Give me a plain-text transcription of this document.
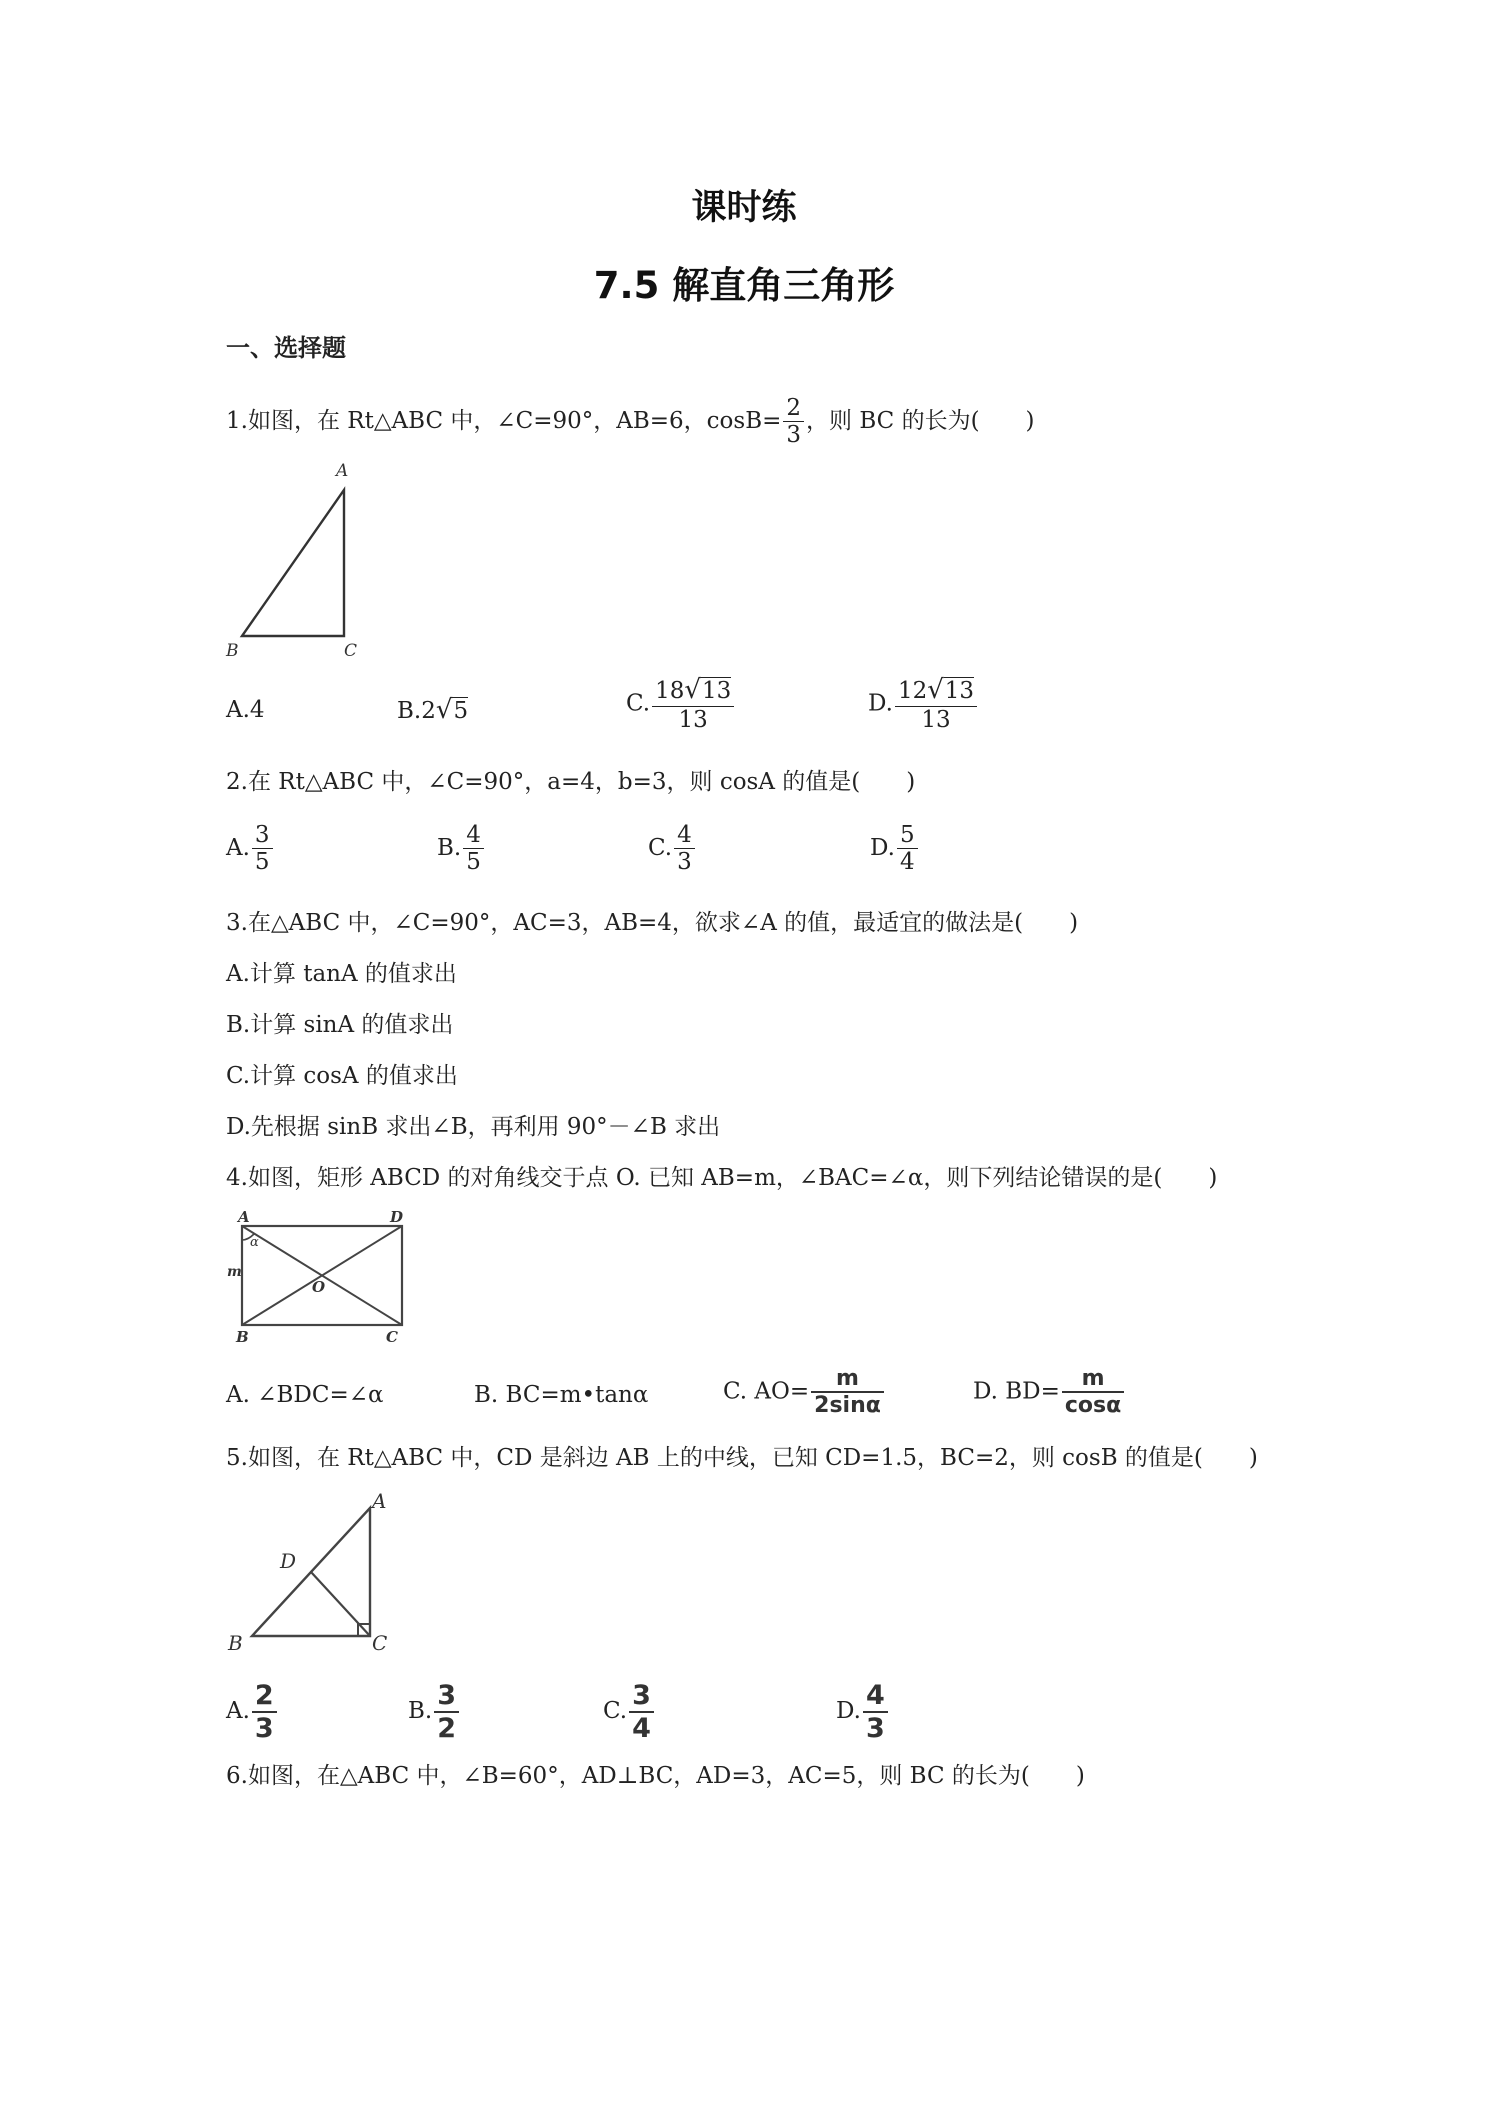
课时练
7.5 解直角三角形
一、选择题
1.如图，在 Rt△ABC 中，∠C=90°，AB=6，$\cos B= \frac{2}{3}$ ，则 BC 的长为(　　)
A
B	C
A.4	B.2√5	C. $\frac{18√13}{13}$	D. $\frac{12√13}{13}$
2.在 Rt△ABC 中，∠C=90°，a=4，b=3，则 cosA 的值是(　　)
A. $\frac{3}{5}$	B. $\frac{4}{5}$	C. $\frac{4}{3}$	D. $\frac{5}{4}$
3.在△ABC 中，∠C=90°，AC=3，AB=4，欲求∠A 的值，最适宜的做法是(　　)
A.计算 tanA 的值求出
B.计算 sinA 的值求出
C.计算 cosA 的值求出
D.先根据 sinB 求出∠B，再利用 90°－∠B 求出
4.如图，矩形 ABCD 的对角线交于点 O. 已知 AB=m，∠BAC=∠α，则下列结论错误的是(　　)
A	D
B	C
O
m
α
A. ∠BDC=∠α	B. BC=m•tanα	C. $AO= \frac{m}{2\sin\alpha}$	D. $BD= \frac{m}{\cos\alpha}$
5.如图，在 Rt△ABC 中，CD 是斜边 AB 上的中线，已知 CD=1.5，BC=2，则 cosB 的值是(　　)
A
B	C
D
A. $\frac{2}{3}$	B. $\frac{3}{2}$	C. $\frac{3}{4}$	D. $\frac{4}{3}$
6.如图，在△ABC 中，∠B=60°，AD⊥BC，AD=3，AC=5，则 BC 的长为(　　)
